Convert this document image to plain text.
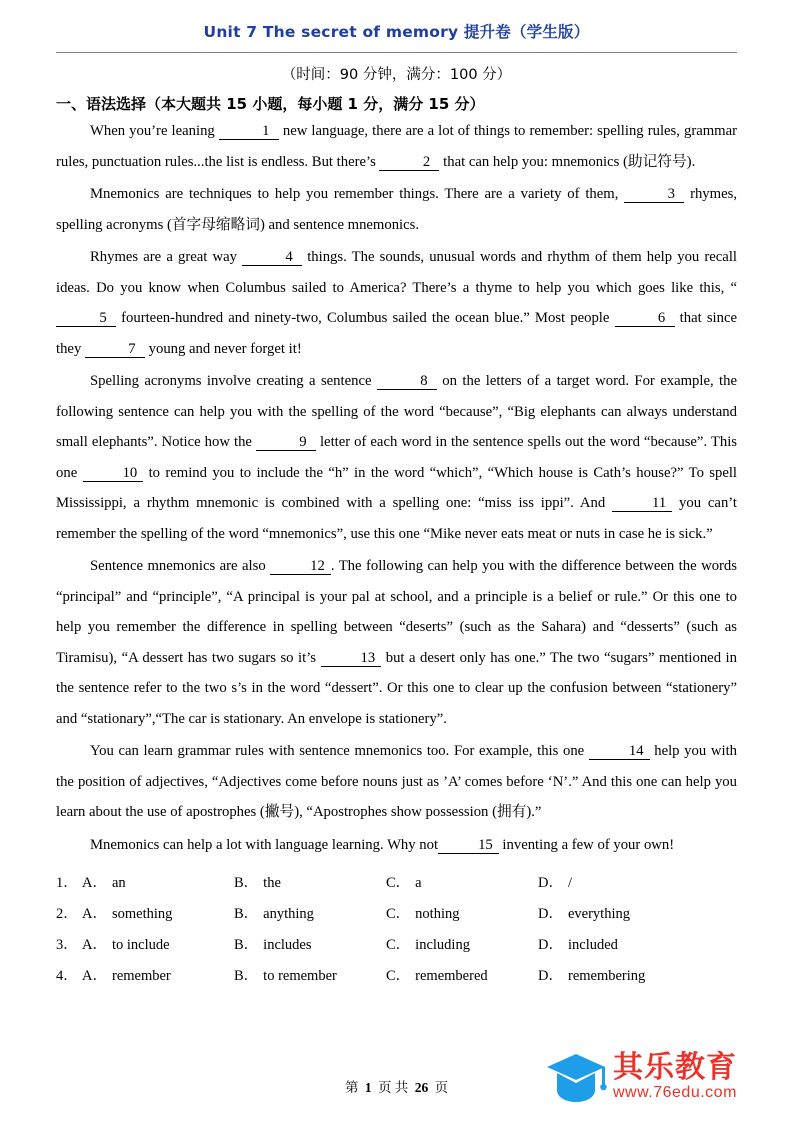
Unit 7 The secret of memory 提升卷（学生版）
（时间：90 分钟，满分：100 分）
一、语法选择（本大题共 15 小题，每小题 1 分，满分 15 分）

When you’re leaning	1 new language, there are a lot of things to remember: spelling rules, grammar rules, punctuation rules...the list is endless. But there’s	2 that can help you: mnemonics (助记符号).

Mnemonics are techniques to help you remember things. There are a variety of them,	3 rhymes, spelling acronyms (首字母缩略词) and sentence mnemonics.

Rhymes are a great way	4 things. The sounds, unusual words and rhythm of them help you recall ideas. Do you know when Columbus sailed to America? There’s a thyme to help you which goes like this, “5 fourteen-hundred and ninety-two, Columbus sailed the ocean blue.” Most people	6 that since they	7 young and never forget it!

Spelling acronyms involve creating a sentence	8 on the letters of a target word. For example, the following sentence can help you with the spelling of the word “because”, “Big elephants can always understand small elephants”. Notice how the	9 letter of each word in the sentence spells out the word “because”. This one	10 to remind you to include the “h” in the word “which”, “Which house is Cath’s house?” To spell Mississippi, a rhythm mnemonic is combined with a spelling one: “miss iss ippi”. And	11 you can’t remember the spelling of the word “mnemonics”, use this one “Mike never eats meat or nuts in case he is sick.”

Sentence mnemonics are also	12 . The following can help you with the difference between the words “principal” and “principle”, “A principal is your pal at school, and a principle is a belief or rule.” Or this one to help you remember the difference in spelling between “deserts” (such as the Sahara) and “desserts” (such as Tiramisu), “A dessert has two sugars so it’s	13 but a desert only has one.” The two “sugars” mentioned in the sentence refer to the two s’s in the word “dessert”. Or this one to clear up the confusion between “stationery” and “stationary”,“The car is stationary. An envelope is stationery”.

You can learn grammar rules with sentence mnemonics too. For example, this one	14 help you with the position of adjectives, “Adjectives come before nouns just as ’A’ comes before ‘N’.” And this one can help you learn about the use of apostrophes (撇号), “Apostrophes show possession (拥有).”

Mnemonics can help a lot with language learning. Why not	15 inventing a few of your own!

1． A． an	B． the	C． a	D． /
2． A． something	B． anything	C． nothing	D． everything
3． A． to include	B． includes	C． including	D． included
4． A． remember	B． to remember	C． remembered	D． remembering
第 1 页 共 26 页
其乐教育
www.76edu.com
